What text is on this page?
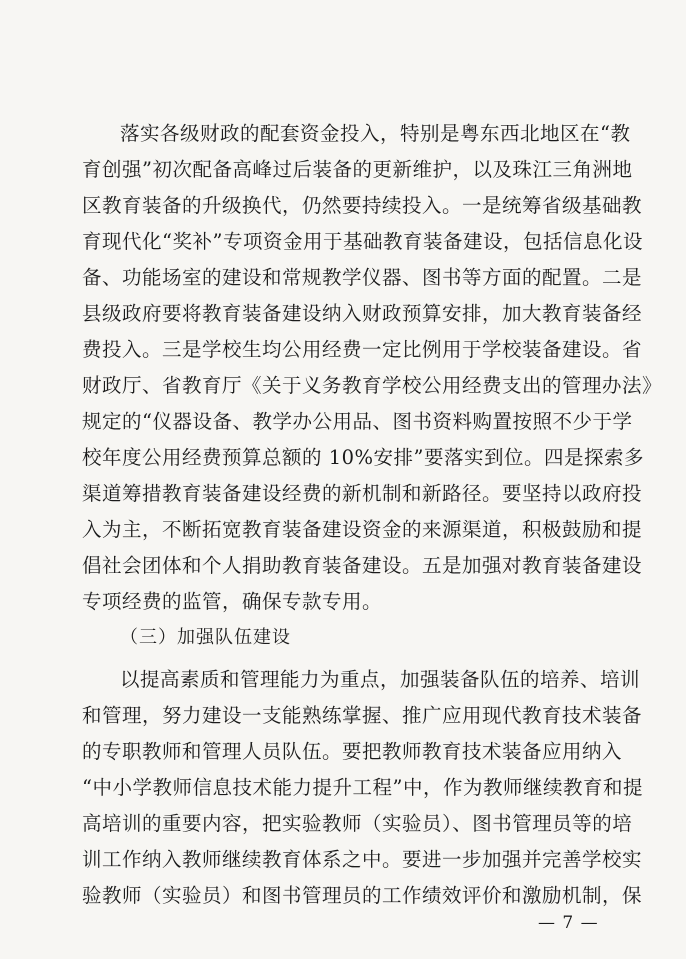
落实各级财政的配套资金投入，特别是粤东西北地区在“教
育创强”初次配备高峰过后装备的更新维护，以及珠江三角洲地
区教育装备的升级换代，仍然要持续投入。一是统筹省级基础教
育现代化“奖补”专项资金用于基础教育装备建设，包括信息化设
备、功能场室的建设和常规教学仪器、图书等方面的配置。二是
县级政府要将教育装备建设纳入财政预算安排，加大教育装备经
费投入。三是学校生均公用经费一定比例用于学校装备建设。省
财政厅、省教育厅《关于义务教育学校公用经费支出的管理办法》
规定的“仪器设备、教学办公用品、图书资料购置按照不少于学
校年度公用经费预算总额的 10%安排”要落实到位。四是探索多
渠道筹措教育装备建设经费的新机制和新路径。要坚持以政府投
入为主，不断拓宽教育装备建设资金的来源渠道，积极鼓励和提
倡社会团体和个人捐助教育装备建设。五是加强对教育装备建设
专项经费的监管，确保专款专用。
（三）加强队伍建设
以提高素质和管理能力为重点，加强装备队伍的培养、培训
和管理，努力建设一支能熟练掌握、推广应用现代教育技术装备
的专职教师和管理人员队伍。要把教师教育技术装备应用纳入
“中小学教师信息技术能力提升工程”中，作为教师继续教育和提
高培训的重要内容，把实验教师（实验员）、图书管理员等的培
训工作纳入教师继续教育体系之中。要进一步加强并完善学校实
验教师（实验员）和图书管理员的工作绩效评价和激励机制，保
— 7 —
